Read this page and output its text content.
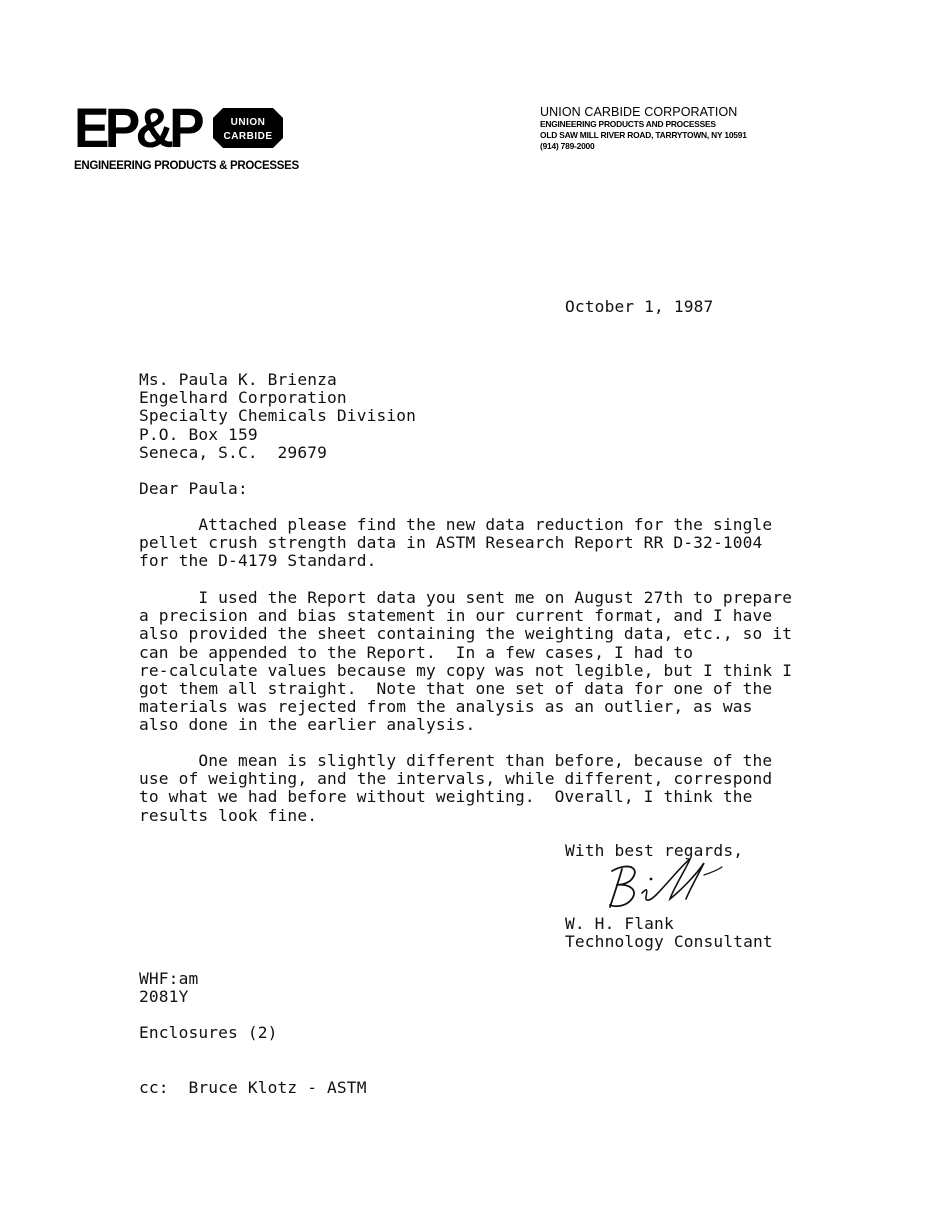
EP&P	UNION
CARBIDE
ENGINEERING PRODUCTS & PROCESSES
UNION CARBIDE CORPORATION
ENGINEERING PRODUCTS AND PROCESSES
OLD SAW MILL RIVER ROAD, TARRYTOWN, NY 10591
(914) 789-2000
October 1, 1987
Ms. Paula K. Brienza
Engelhard Corporation
Specialty Chemicals Division
P.O. Box 159
Seneca, S.C.  29679
Dear Paula:
Attached please find the new data reduction for the single
pellet crush strength data in ASTM Research Report RR D-32-1004
for the D-4179 Standard.
I used the Report data you sent me on August 27th to prepare
a precision and bias statement in our current format, and I have
also provided the sheet containing the weighting data, etc., so it
can be appended to the Report.  In a few cases, I had to
re-calculate values because my copy was not legible, but I think I
got them all straight.  Note that one set of data for one of the
materials was rejected from the analysis as an outlier, as was
also done in the earlier analysis.
One mean is slightly different than before, because of the
use of weighting, and the intervals, while different, correspond
to what we had before without weighting.  Overall, I think the
results look fine.
With best regards,
W. H. Flank
Technology Consultant
WHF:am
2081Y
Enclosures (2)
cc:  Bruce Klotz - ASTM
